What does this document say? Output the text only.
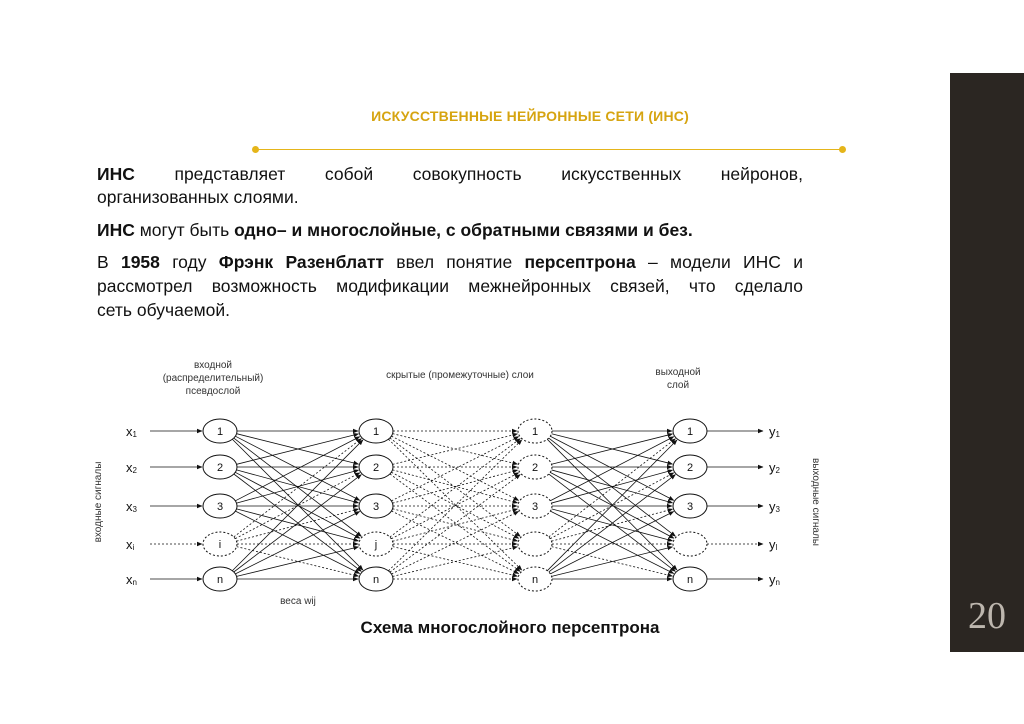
20
ИСКУССТВЕННЫЕ НЕЙРОННЫЕ СЕТИ (ИНС)
ИНС представляет собой совокупность искусственных нейронов,
организованных слоями.
ИНС могут быть одно– и многослойные, с обратными связями и без.
В 1958 году Фрэнк Разенблатт ввел понятие персептрона – модели ИНС и
рассмотрел возможность модификации межнейронных связей, что сделало
сеть обучаемой.
x1
x2
x3
xi
xn
y1
y2
y3
yl
yn
1
2
3
i
n
1
2
3
j
n
1
2
3
n
1
2
3
n
входной
(распределительный)
псевдослой
скрытые (промежуточные) слои	выходной
слой
веса wij
входные сигналы	выходные сигналы
Схема многослойного персептрона
